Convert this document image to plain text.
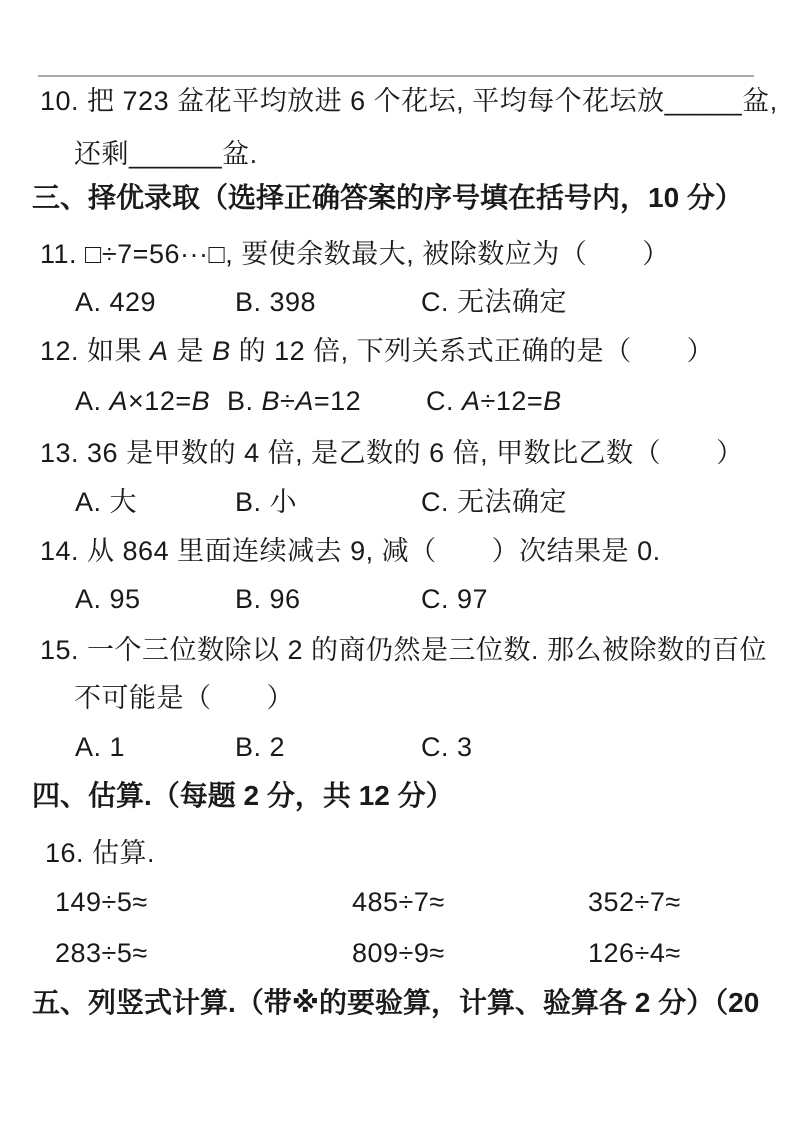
10. 把 723 盆花平均放进 6 个花坛, 平均每个花坛放_____盆,
还剩______盆.
三、择优录取（选择正确答案的序号填在括号内，10 分）
11. □÷7=56···□, 要使余数最大, 被除数应为（　　）
A. 429	B. 398	C. 无法确定
12. 如果 A 是 B 的 12 倍, 下列关系式正确的是（　　）
A. A×12=B B. B÷A=12 C. A÷12=B
13. 36 是甲数的 4 倍, 是乙数的 6 倍, 甲数比乙数（　　）
A. 大	B. 小	C. 无法确定
14. 从 864 里面连续减去 9, 减（　　）次结果是 0.
A. 95	B. 96	C. 97
15. 一个三位数除以 2 的商仍然是三位数. 那么被除数的百位
不可能是（　　）
A. 1	B. 2	C. 3
四、估算.（每题 2 分，共 12 分）
16. 估算.
149÷5≈	485÷7≈	352÷7≈
283÷5≈	809÷9≈	126÷4≈
五、列竖式计算.（带※的要验算，计算、验算各 2 分）（20
